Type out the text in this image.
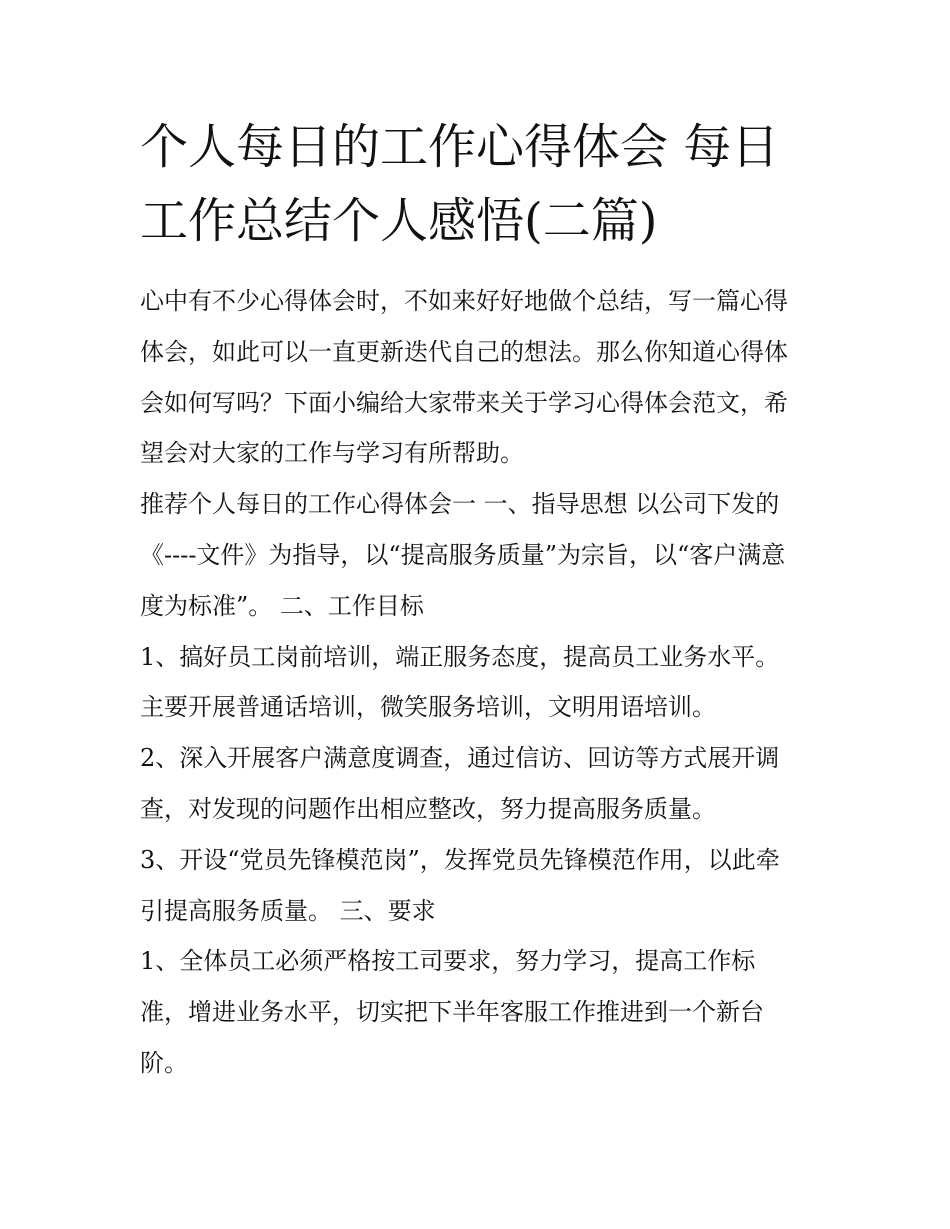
个人每日的工作心得体会 每日
工作总结个人感悟(二篇)
心中有不少心得体会时，不如来好好地做个总结，写一篇心得
体会，如此可以一直更新迭代自己的想法。那么你知道心得体
会如何写吗？下面小编给大家带来关于学习心得体会范文，希
望会对大家的工作与学习有所帮助。
推荐个人每日的工作心得体会一 一、指导思想 以公司下发的
《----文件》为指导，以“提高服务质量”为宗旨，以“客户满意
度为标准”。 二、工作目标
1、搞好员工岗前培训，端正服务态度，提高员工业务水平。
主要开展普通话培训，微笑服务培训，文明用语培训。
2、深入开展客户满意度调查，通过信访、回访等方式展开调
查，对发现的问题作出相应整改，努力提高服务质量。
3、开设“党员先锋模范岗”，发挥党员先锋模范作用，以此牵
引提高服务质量。 三、要求
1、全体员工必须严格按工司要求，努力学习，提高工作标
准，增进业务水平，切实把下半年客服工作推进到一个新台
阶。
